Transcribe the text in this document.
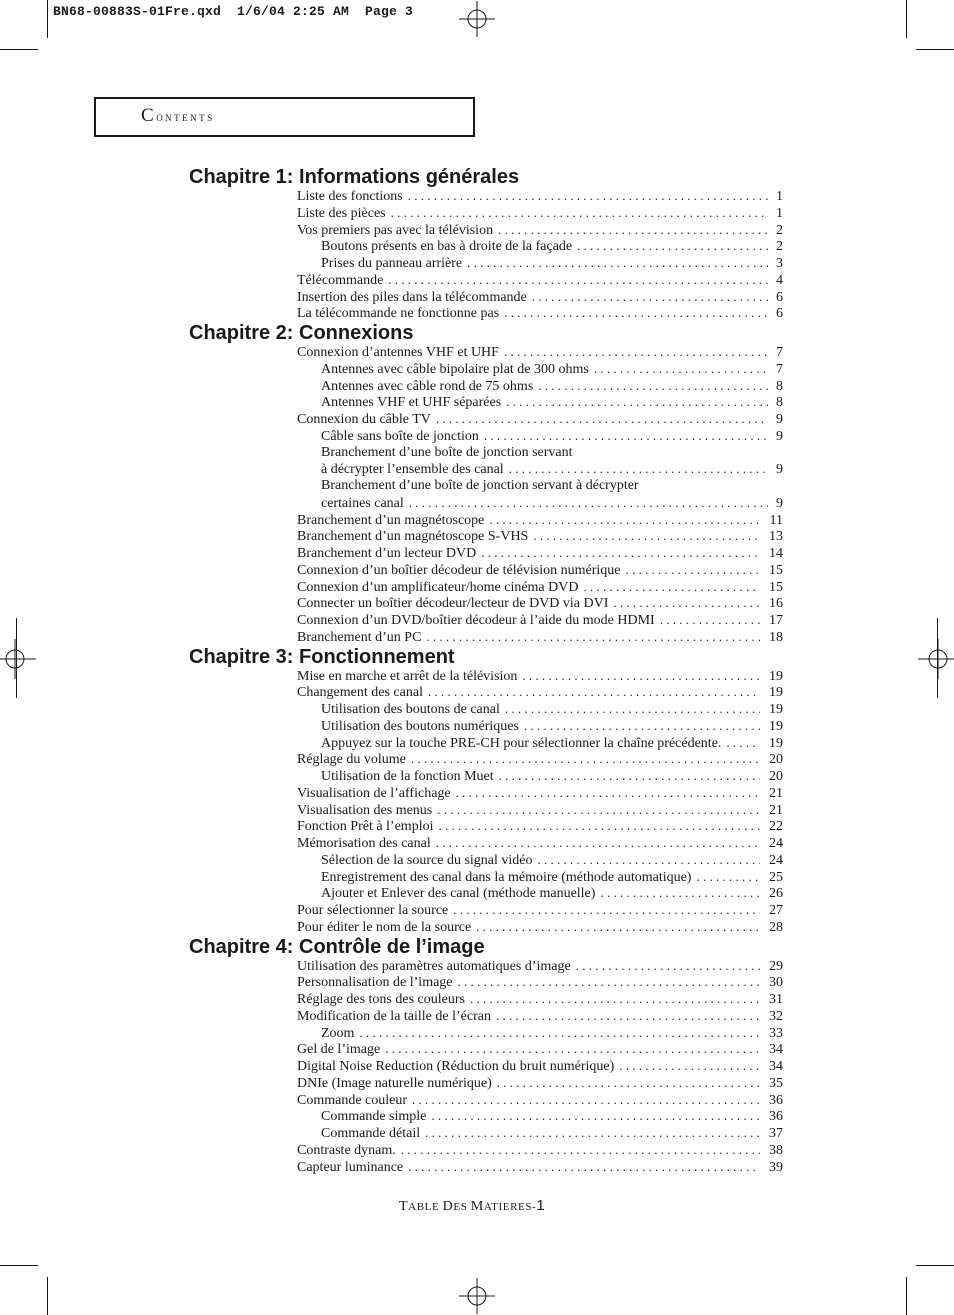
BN68-00883S-01Fre.qxd  1/6/04 2:25 AM  Page 3
Contents
Chapitre 1: Informations générales
Liste des fonctions . . .	1
Liste des pièces . . .	1
Vos premiers pas avec la télévision . . .	2
Boutons présents en bas à droite de la façade . . .	2
Prises du panneau arrière . . .	3
Télécommande . . .	4
Insertion des piles dans la télécommande . . .	6
La télécommande ne fonctionne pas . . .	6
Chapitre 2: Connexions
Connexion d’antennes VHF et UHF . . .	7
Antennes avec câble bipolaire plat de 300 ohms . . .	7
Antennes avec câble rond de 75 ohms . . .	8
Antennes VHF et UHF séparées . . .	8
Connexion du câble TV . . .	9
Câble sans boîte de jonction . . .	9
Branchement d’une boîte de jonction servant
à décrypter l’ensemble des canal . . .	9
Branchement d’une boîte de jonction servant à décrypter
certaines canal . . .	9
Branchement d’un magnétoscope . . .	11
Branchement d’un magnétoscope S-VHS . . .	13
Branchement d’un lecteur DVD . . .	14
Connexion d’un boîtier décodeur de télévision numérique . . .	15
Connexion d’un amplificateur/home cinéma DVD . . .	15
Connecter un boîtier décodeur/lecteur de DVD via DVI . . .	16
Connexion d’un DVD/boîtier décodeur à l’aide du mode HDMI . . .	17
Branchement d’un PC . . .	18
Chapitre 3: Fonctionnement
Mise en marche et arrêt de la télévision . . .	19
Changement des canal . . .	19
Utilisation des boutons de canal . . .	19
Utilisation des boutons numériques . . .	19
Appuyez sur la touche PRE-CH pour sélectionner la chaîne précédente. . . .	19
Réglage du volume . . .	20
Utilisation de la fonction Muet . . .	20
Visualisation de l’affichage . . .	21
Visualisation des menus . . .	21
Fonction Prêt à l’emploi . . .	22
Mémorisation des canal . . .	24
Sélection de la source du signal vidéo . . .	24
Enregistrement des canal dans la mémoire (méthode automatique) . . .	25
Ajouter et Enlever des canal (méthode manuelle) . . .	26
Pour sélectionner la source . . .	27
Pour éditer le nom de la source . . .	28
Chapitre 4: Contrôle de l’image
Utilisation des paramètres automatiques d’image . . .	29
Personnalisation de l’image . . .	30
Réglage des tons des couleurs . . .	31
Modification de la taille de l’écran . . .	32
Zoom . . .	33
Gel de l’image . . .	34
Digital Noise Reduction (Réduction du bruit numérique) . . .	34
DNIe (Image naturelle numérique) . . .	35
Commande couleur . . .	36
Commande simple . . .	36
Commande détail . . .	37
Contraste dynam. . . .	38
Capteur luminance . . .	39
TABLE DES MATIERES-1
